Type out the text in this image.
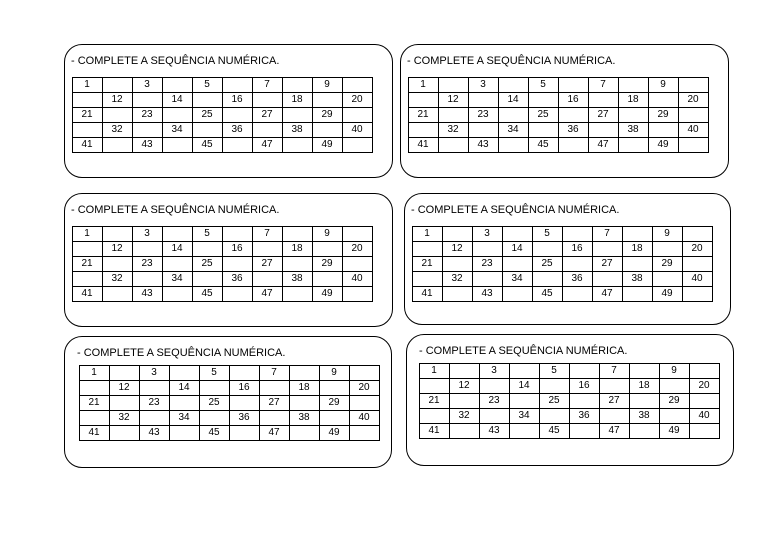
- COMPLETE A SEQUÊNCIA NUMÉRICA.
1		3		5		7		9	
	12		14		16		18		20
21		23		25		27		29	
	32		34		36		38		40
41		43		45		47		49	
- COMPLETE A SEQUÊNCIA NUMÉRICA.
1		3		5		7		9	
	12		14		16		18		20
21		23		25		27		29	
	32		34		36		38		40
41		43		45		47		49	
- COMPLETE A SEQUÊNCIA NUMÉRICA.
1		3		5		7		9	
	12		14		16		18		20
21		23		25		27		29	
	32		34		36		38		40
41		43		45		47		49	
- COMPLETE A SEQUÊNCIA NUMÉRICA.
1		3		5		7		9	
	12		14		16		18		20
21		23		25		27		29	
	32		34		36		38		40
41		43		45		47		49	
- COMPLETE A SEQUÊNCIA NUMÉRICA.
1		3		5		7		9	
	12		14		16		18		20
21		23		25		27		29	
	32		34		36		38		40
41		43		45		47		49	
- COMPLETE A SEQUÊNCIA NUMÉRICA.
1		3		5		7		9	
	12		14		16		18		20
21		23		25		27		29	
	32		34		36		38		40
41		43		45		47		49	
